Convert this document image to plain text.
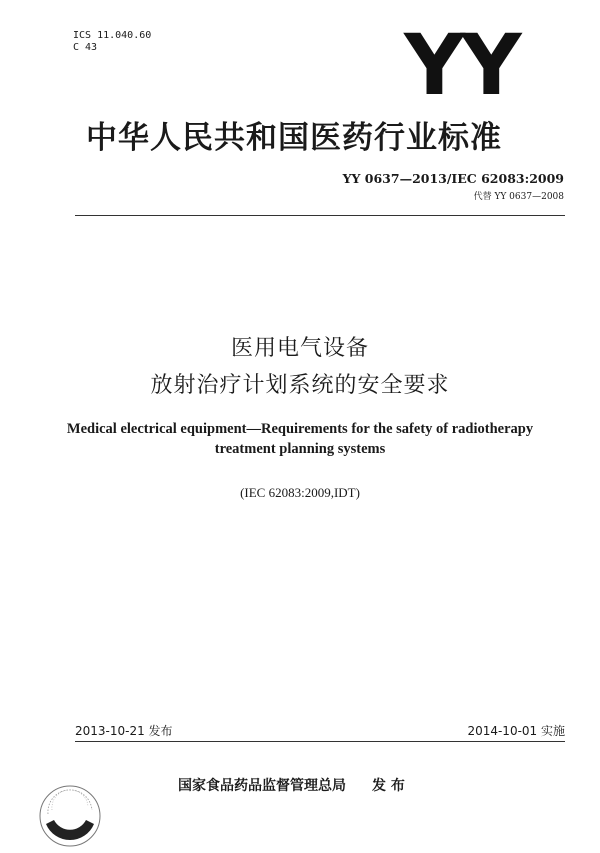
ICS 11.040.60
C 43	YY
中华人民共和国医药行业标准
YY 0637—2013/IEC 62083:2009
代替 YY 0637—2008
医用电气设备
放射治疗计划系统的安全要求
Medical electrical equipment—Requirements for the safety of radiotherapy
treatment planning systems
(IEC 62083:2009,IDT)
2013-10-21 发布	2014-10-01 实施
国家食品药品监督管理总局 发 布
